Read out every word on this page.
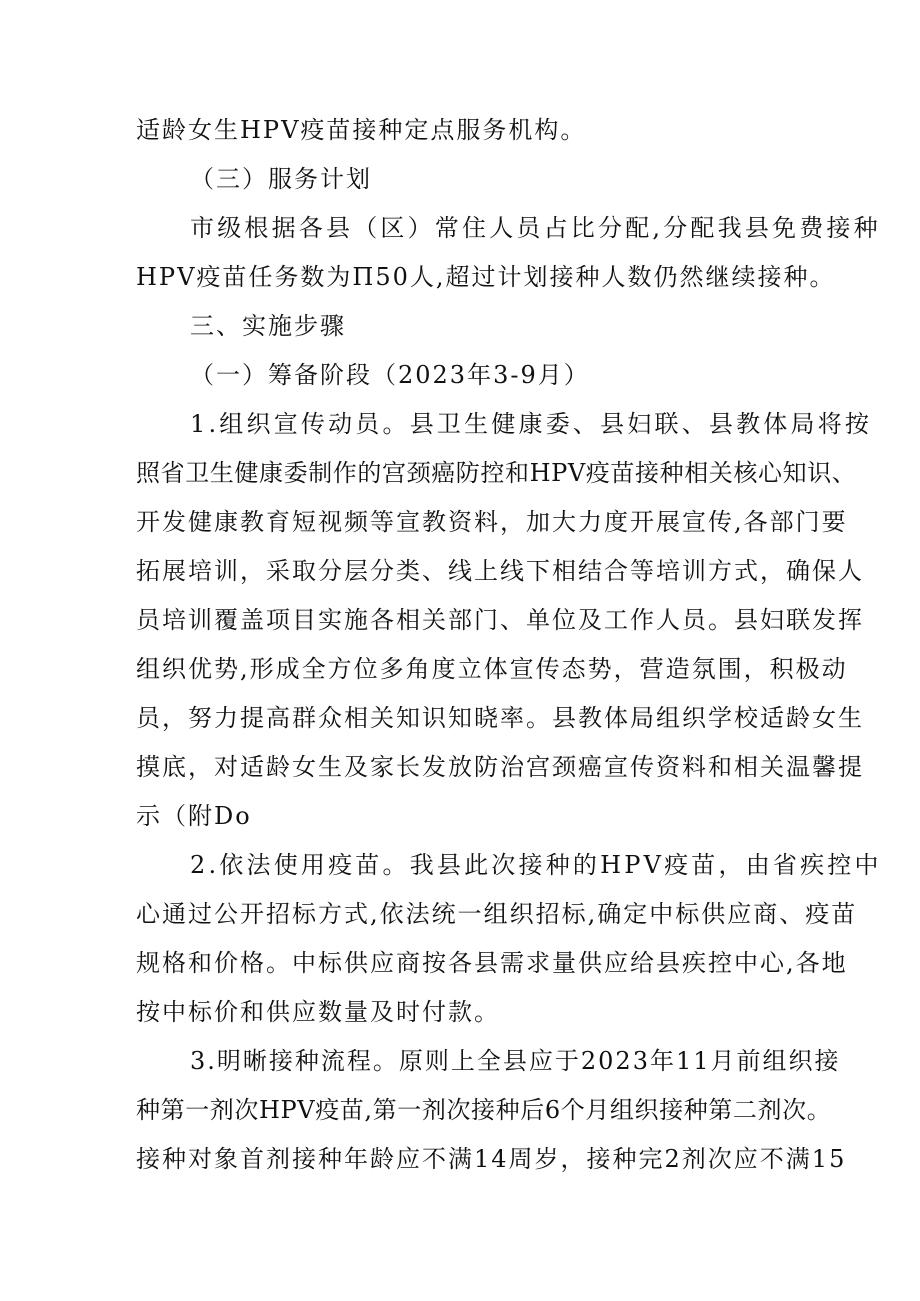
适龄女生HPV疫苗接种定点服务机构。
（三）服务计划
市级根据各县（区）常住人员占比分配,分配我县免费接种
HPV疫苗任务数为Π50人,超过计划接种人数仍然继续接种。
三、实施步骤
（一）筹备阶段（2023年3-9月）
1.组织宣传动员。县卫生健康委、县妇联、县教体局将按
照省卫生健康委制作的宫颈癌防控和HPV疫苗接种相关核心知识、
开发健康教育短视频等宣教资料，加大力度开展宣传,各部门要
拓展培训，采取分层分类、线上线下相结合等培训方式，确保人
员培训覆盖项目实施各相关部门、单位及工作人员。县妇联发挥
组织优势,形成全方位多角度立体宣传态势，营造氛围，积极动
员，努力提高群众相关知识知晓率。县教体局组织学校适龄女生
摸底，对适龄女生及家长发放防治宫颈癌宣传资料和相关温馨提
示（附Do
2.依法使用疫苗。我县此次接种的HPV疫苗，由省疾控中
心通过公开招标方式,依法统一组织招标,确定中标供应商、疫苗
规格和价格。中标供应商按各县需求量供应给县疾控中心,各地
按中标价和供应数量及时付款。
3.明晰接种流程。原则上全县应于2023年11月前组织接
种第一剂次HPV疫苗,第一剂次接种后6个月组织接种第二剂次。
接种对象首剂接种年龄应不满14周岁，接种完2剂次应不满15
